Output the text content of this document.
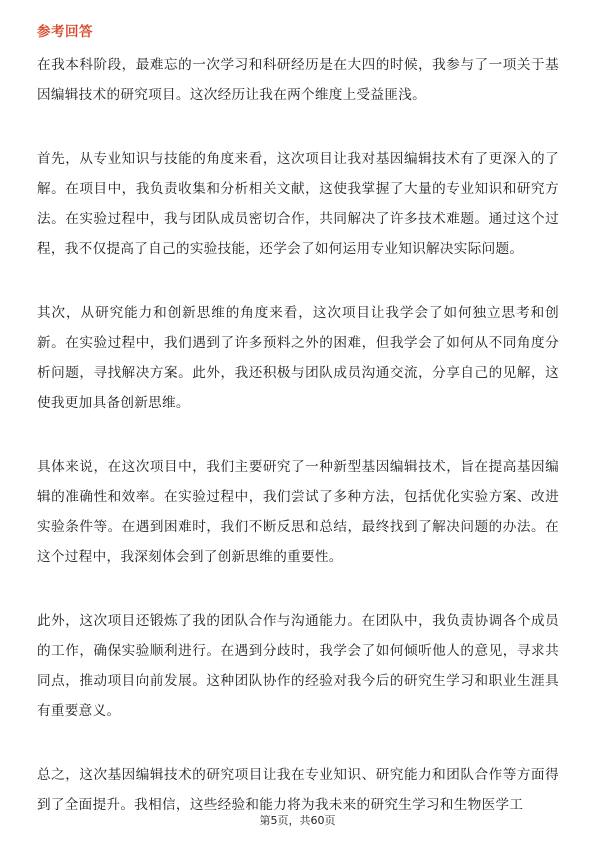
参考回答

在我本科阶段，最难忘的一次学习和科研经历是在大四的时候，我参与了一项关于基因编辑技术的研究项目。这次经历让我在两个维度上受益匪浅。

首先，从专业知识与技能的角度来看，这次项目让我对基因编辑技术有了更深入的了解。在项目中，我负责收集和分析相关文献，这使我掌握了大量的专业知识和研究方法。在实验过程中，我与团队成员密切合作，共同解决了许多技术难题。通过这个过程，我不仅提高了自己的实验技能，还学会了如何运用专业知识解决实际问题。

其次，从研究能力和创新思维的角度来看，这次项目让我学会了如何独立思考和创新。在实验过程中，我们遇到了许多预料之外的困难，但我学会了如何从不同角度分析问题，寻找解决方案。此外，我还积极与团队成员沟通交流，分享自己的见解，这使我更加具备创新思维。

具体来说，在这次项目中，我们主要研究了一种新型基因编辑技术，旨在提高基因编辑的准确性和效率。在实验过程中，我们尝试了多种方法，包括优化实验方案、改进实验条件等。在遇到困难时，我们不断反思和总结，最终找到了解决问题的办法。在这个过程中，我深刻体会到了创新思维的重要性。

此外，这次项目还锻炼了我的团队合作与沟通能力。在团队中，我负责协调各个成员的工作，确保实验顺利进行。在遇到分歧时，我学会了如何倾听他人的意见，寻求共同点，推动项目向前发展。这种团队协作的经验对我今后的研究生学习和职业生涯具有重要意义。

总之，这次基因编辑技术的研究项目让我在专业知识、研究能力和团队合作等方面得到了全面提升。我相信，这些经验和能力将为我未来的研究生学习和生物医学工

第5页，共60页
